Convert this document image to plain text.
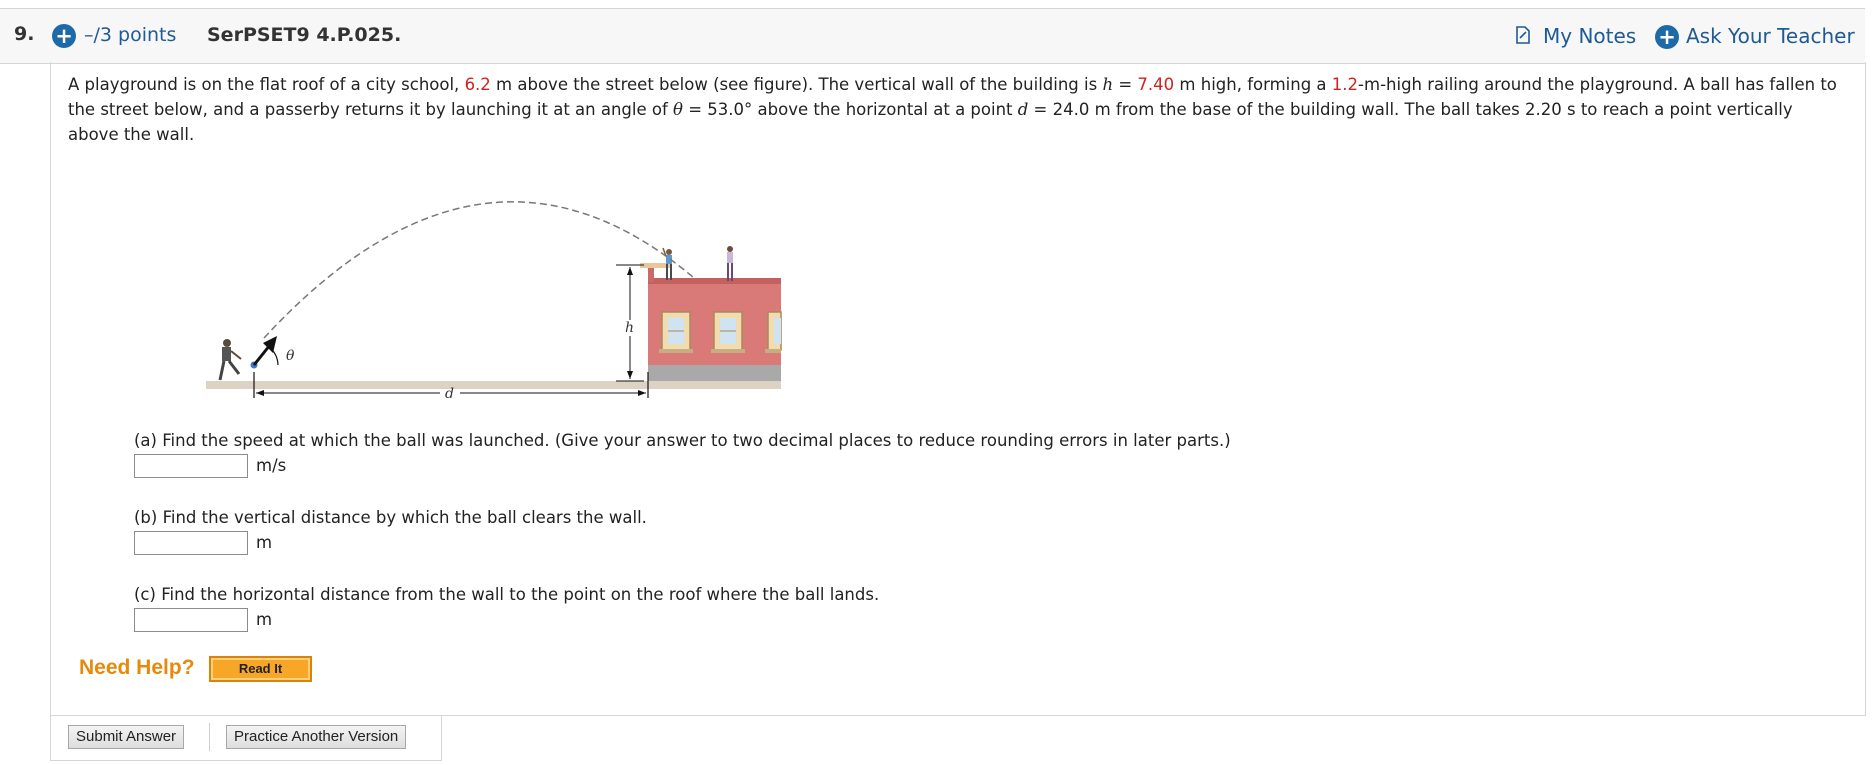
9. + –/3 points SerPSET9 4.P.025.	My Notes + Ask Your Teacher
A playground is on the flat roof of a city school, 6.2 m above the street below (see figure). The vertical wall of the building is h = 7.40 m high, forming a 1.2-m-high railing around the playground. A ball has fallen to the street below, and a passerby returns it by launching it at an angle of θ = 53.0° above the horizontal at a point d = 24.0 m from the base of the building wall. The ball takes 2.20 s to reach a point vertically above the wall.
θ
d
h
(a) Find the speed at which the ball was launched. (Give your answer to two decimal places to reduce rounding errors in later parts.)
m/s
(b) Find the vertical distance by which the ball clears the wall.
m
(c) Find the horizontal distance from the wall to the point on the roof where the ball lands.
m
Need Help?	Read It
Submit Answer	Practice Another Version
